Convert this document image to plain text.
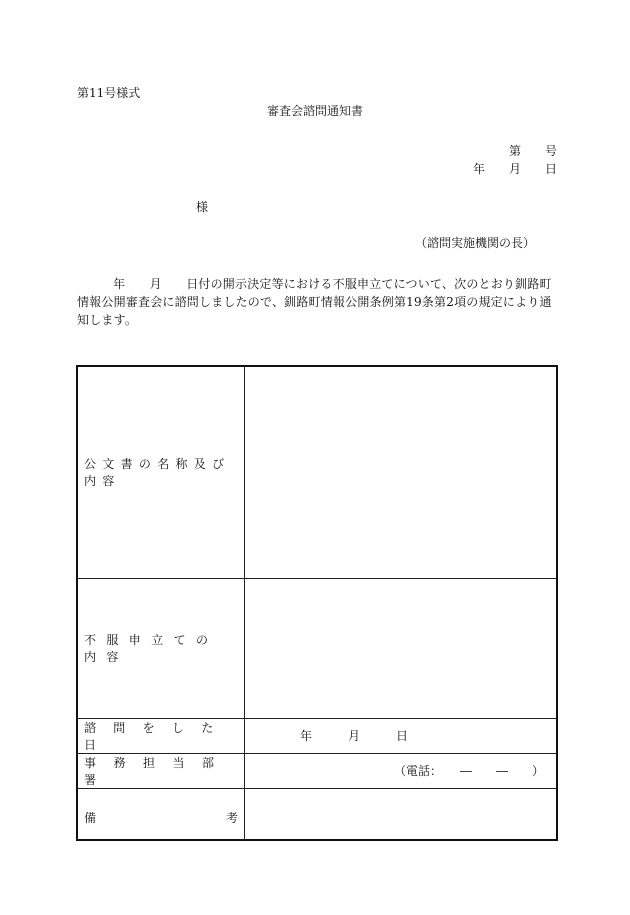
第11号様式
審査会諮問通知書
第　　号
年　　月　　日
様
（諮問実施機関の長）
年　　月　　日付の開示決定等における不服申立てについて、次のとおり釧路町情報公開審査会に諮問しましたので、釧路町情報公開条例第19条第2項の規定により通知します。
公文書の名称及び内容	
不服申立ての内容	
諮問をした日	年　　　月　　　日
事務担当部署	（電話：　　―　　―　　）

備 考	
